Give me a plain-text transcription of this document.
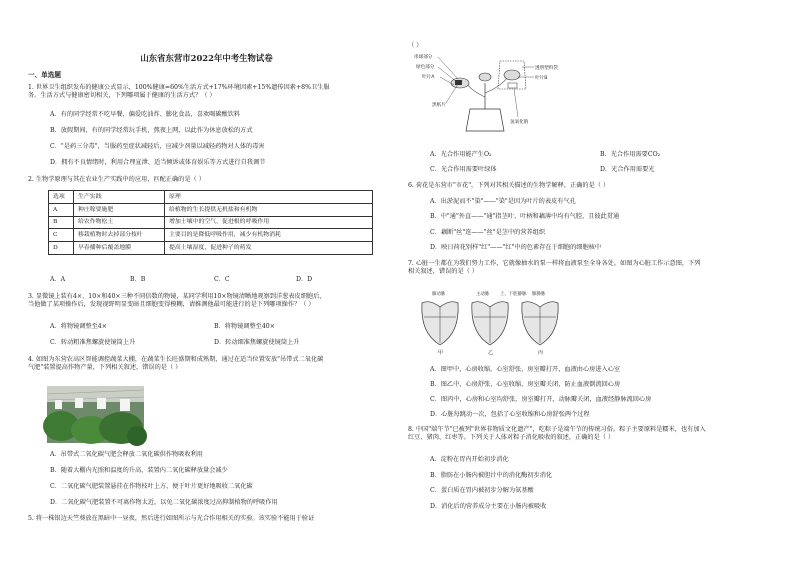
山东省东营市2022年中考生物试卷
一、单选题
1. 世界卫生组织发布的健康公式显示，100%健康=60%生活方式+17%环境因素+15%遗传因素+8%卫生服
务。生活方式与健康密切相关，下列哪项属于健康的生活方式？（ ）
A．有的同学经常不吃早餐，偏爱吃油炸、膨化食品，喜欢喝碳酸饮料
B．放假期间，有的同学经常玩手机，熬夜上网，以此作为休息放松的方式
C．"是药三分毒"，当服药至症状减轻后，应减少剂量以减轻药物对人体的毒害
D．拥有不良情绪时，利用合理宣泄、适当倾诉或体育娱乐等方式进行自我调节
2. 生物学原理与其在农业生产实践中的应用，匹配正确的是（ ）
选项	生产实践	原理
A	种庄稼要施肥	给植物的生长提供无机盐和有机物
B	给农作物松土	增加土壤中的空气，促进根的呼吸作用
C	移栽植物时去掉部分枝叶	主要目的是降低呼吸作用，减少有机物消耗
D	早春播种后覆盖地膜	提高土壤湿度，促进种子的萌发
A．A	B．B	C．C	D．D
3. 显微镜上装有4×、10×和40×三种不同倍数的物镜，某同学利用10×物镜清晰地观察到洋葱表皮细胞后，
当他做了某项操作后，发现视野明显变暗且细胞变得模糊，请推测他最可能进行的是下列哪项操作？（ ）
A．将物镜调整至4×	B．将物镜调整至40×
C．转动粗准焦螺旋使镜筒上升	D．转动细准焦螺旋使镜筒上升
4. 如图为东营农高区智能调控蔬菜大棚，在蔬菜生长旺盛期和成熟期，通过在适当位置安放"吊带式二氧化碳
气肥"装置提高作物产量，下列相关叙述，错误的是（ ）
A．吊带式二氧化碳气肥会释放二氧化碳供作物吸收利用
B．随着大棚内光照和温度的升高，装置内二氧化碳释放量会减少
C．二氧化碳气肥装置悬挂在作物枝叶上方，便于叶片更好地吸收二氧化碳
D．二氧化碳气肥装置不可离作物太近，以免二氧化碳浓度过高抑制植物的呼吸作用
5. 将一株银边天竺葵放在黑暗中一昼夜，然后进行如图所示与光合作用相关的实验。该实验不能用于验证
（ ）
串球部分
绿色部分
叶片A
黑纸片
透明塑料袋
叶片B
氢氧化钠
A．光合作用能产生O₂	B．光合作用需要CO₂
C．光合作用需要叶绿体	D．光合作用需要光
6. 荷花是东营市"市花"，下列对其相关描述的生物学解释，正确的是（ ）
A．出淤泥而不"染"——"染"是因为叶片的表皮有气孔
B．中"通"外直——"通"指茎叶、叶柄和藕薄中均有气腔，且彼此贯通
C．藕断"丝"连——"丝"是茎中的营养组织
D．映日荷花别样"红"——"红"中的色素存在于细胞的细胞核中
7. 心脏一生都在为我们努力工作，它就像抽水的泵一样将血液泵至全身各处。如图为心脏工作示意图，下列
相关叙述，错误的是（ ）
肺动脉	主动脉 上、下腔静脉 肺静脉
甲	乙	丙
A．图甲中，心房收缩、心室舒张，房室瓣打开，血液由心房进入心室
B．图乙中，心房舒张、心室收缩，房室瓣关闭，防止血液倒流回心房
C．图丙中，心房和心室均舒张，房室瓣打开，动脉瓣关闭，血液经静脉流回心房
D．心脏每跳动一次，包括了心室收缩和心房舒张两个过程
8. 中国"端午节"已被列"世界非物质文化遗产"，吃粽子是端午节的传统习俗。粽子主要原料是糯米，也有加入
红豆、猪肉、红枣等。下列关于人体对粽子消化吸收的叙述，正确的是（ ）
A．淀粉在胃内开始初步消化
B．脂肪在小肠内被胆汁中的消化酶初步消化
C．蛋白质在胃内被初步分解为氨基酸
D．消化后的营养成分主要在小肠内被吸收
